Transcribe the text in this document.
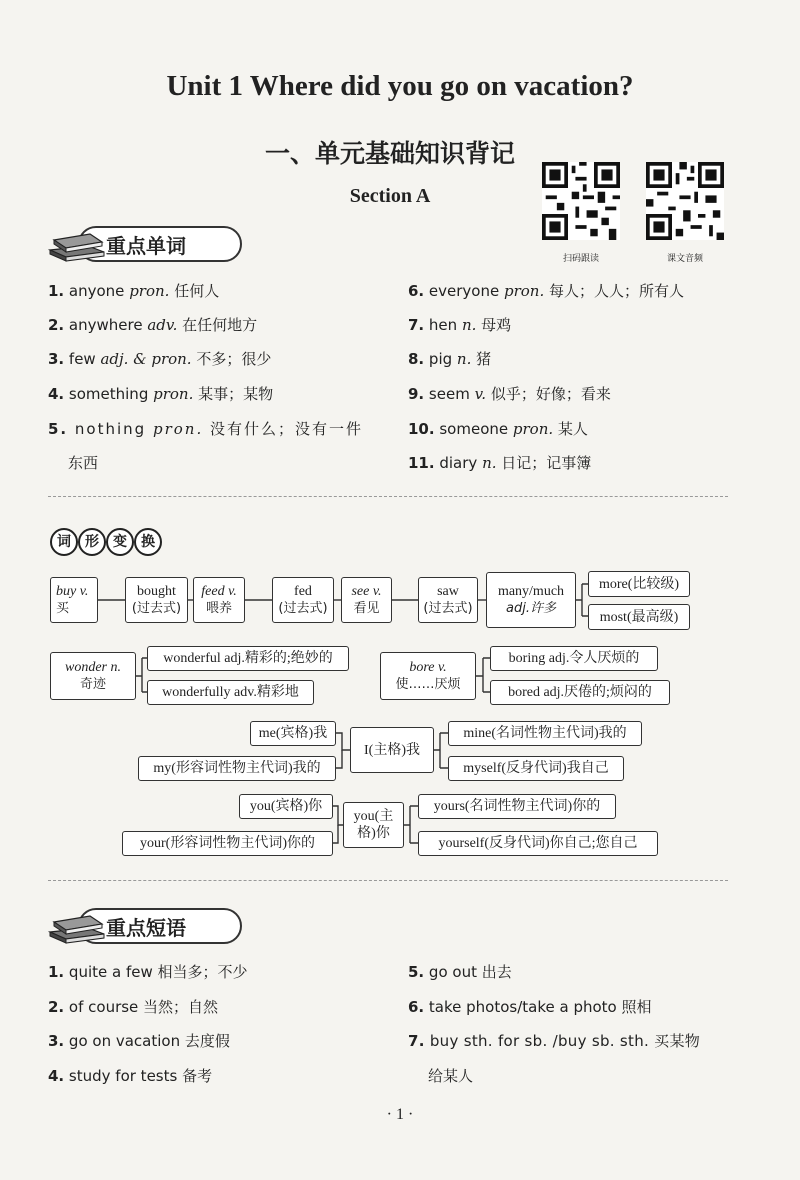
Unit 1 Where did you go on vacation?
一、单元基础知识背记
Section A
扫码跟读	课文音频
重点单词
1. anyone pron. 任何人
2. anywhere adv. 在任何地方
3. few adj. & pron. 不多；很少
4. something pron. 某事；某物
5. nothing pron. 没有什么；没有一件
东西
6. everyone pron. 每人；人人；所有人
7. hen n. 母鸡
8. pig n. 猪
9. seem v. 似乎；好像；看来
10. someone pron. 某人
11. diary n. 日记；记事簿
词	形	变	换
buy v.
买
bought
(过去式)
feed v.
喂养
fed
(过去式)
see v.
看见
saw
(过去式)
many/much
adj.许多
more(比较级)
most(最高级)
wonder n.
奇迹
wonderful adj.精彩的;绝妙的
wonderfully adv.精彩地
bore v.
使……厌烦
boring adj.令人厌烦的
bored adj.厌倦的;烦闷的
me(宾格)我
my(形容词性物主代词)我的
I(主格)我
mine(名词性物主代词)我的
myself(反身代词)我自己
you(宾格)你
your(形容词性物主代词)你的
you(主
格)你
yours(名词性物主代词)你的
yourself(反身代词)你自己;您自己
重点短语
1. quite a few 相当多；不少
2. of course 当然；自然
3. go on vacation 去度假
4. study for tests 备考
5. go out 出去
6. take photos/take a photo 照相
7. buy sth. for sb. /buy sb. sth. 买某物
给某人
· 1 ·
